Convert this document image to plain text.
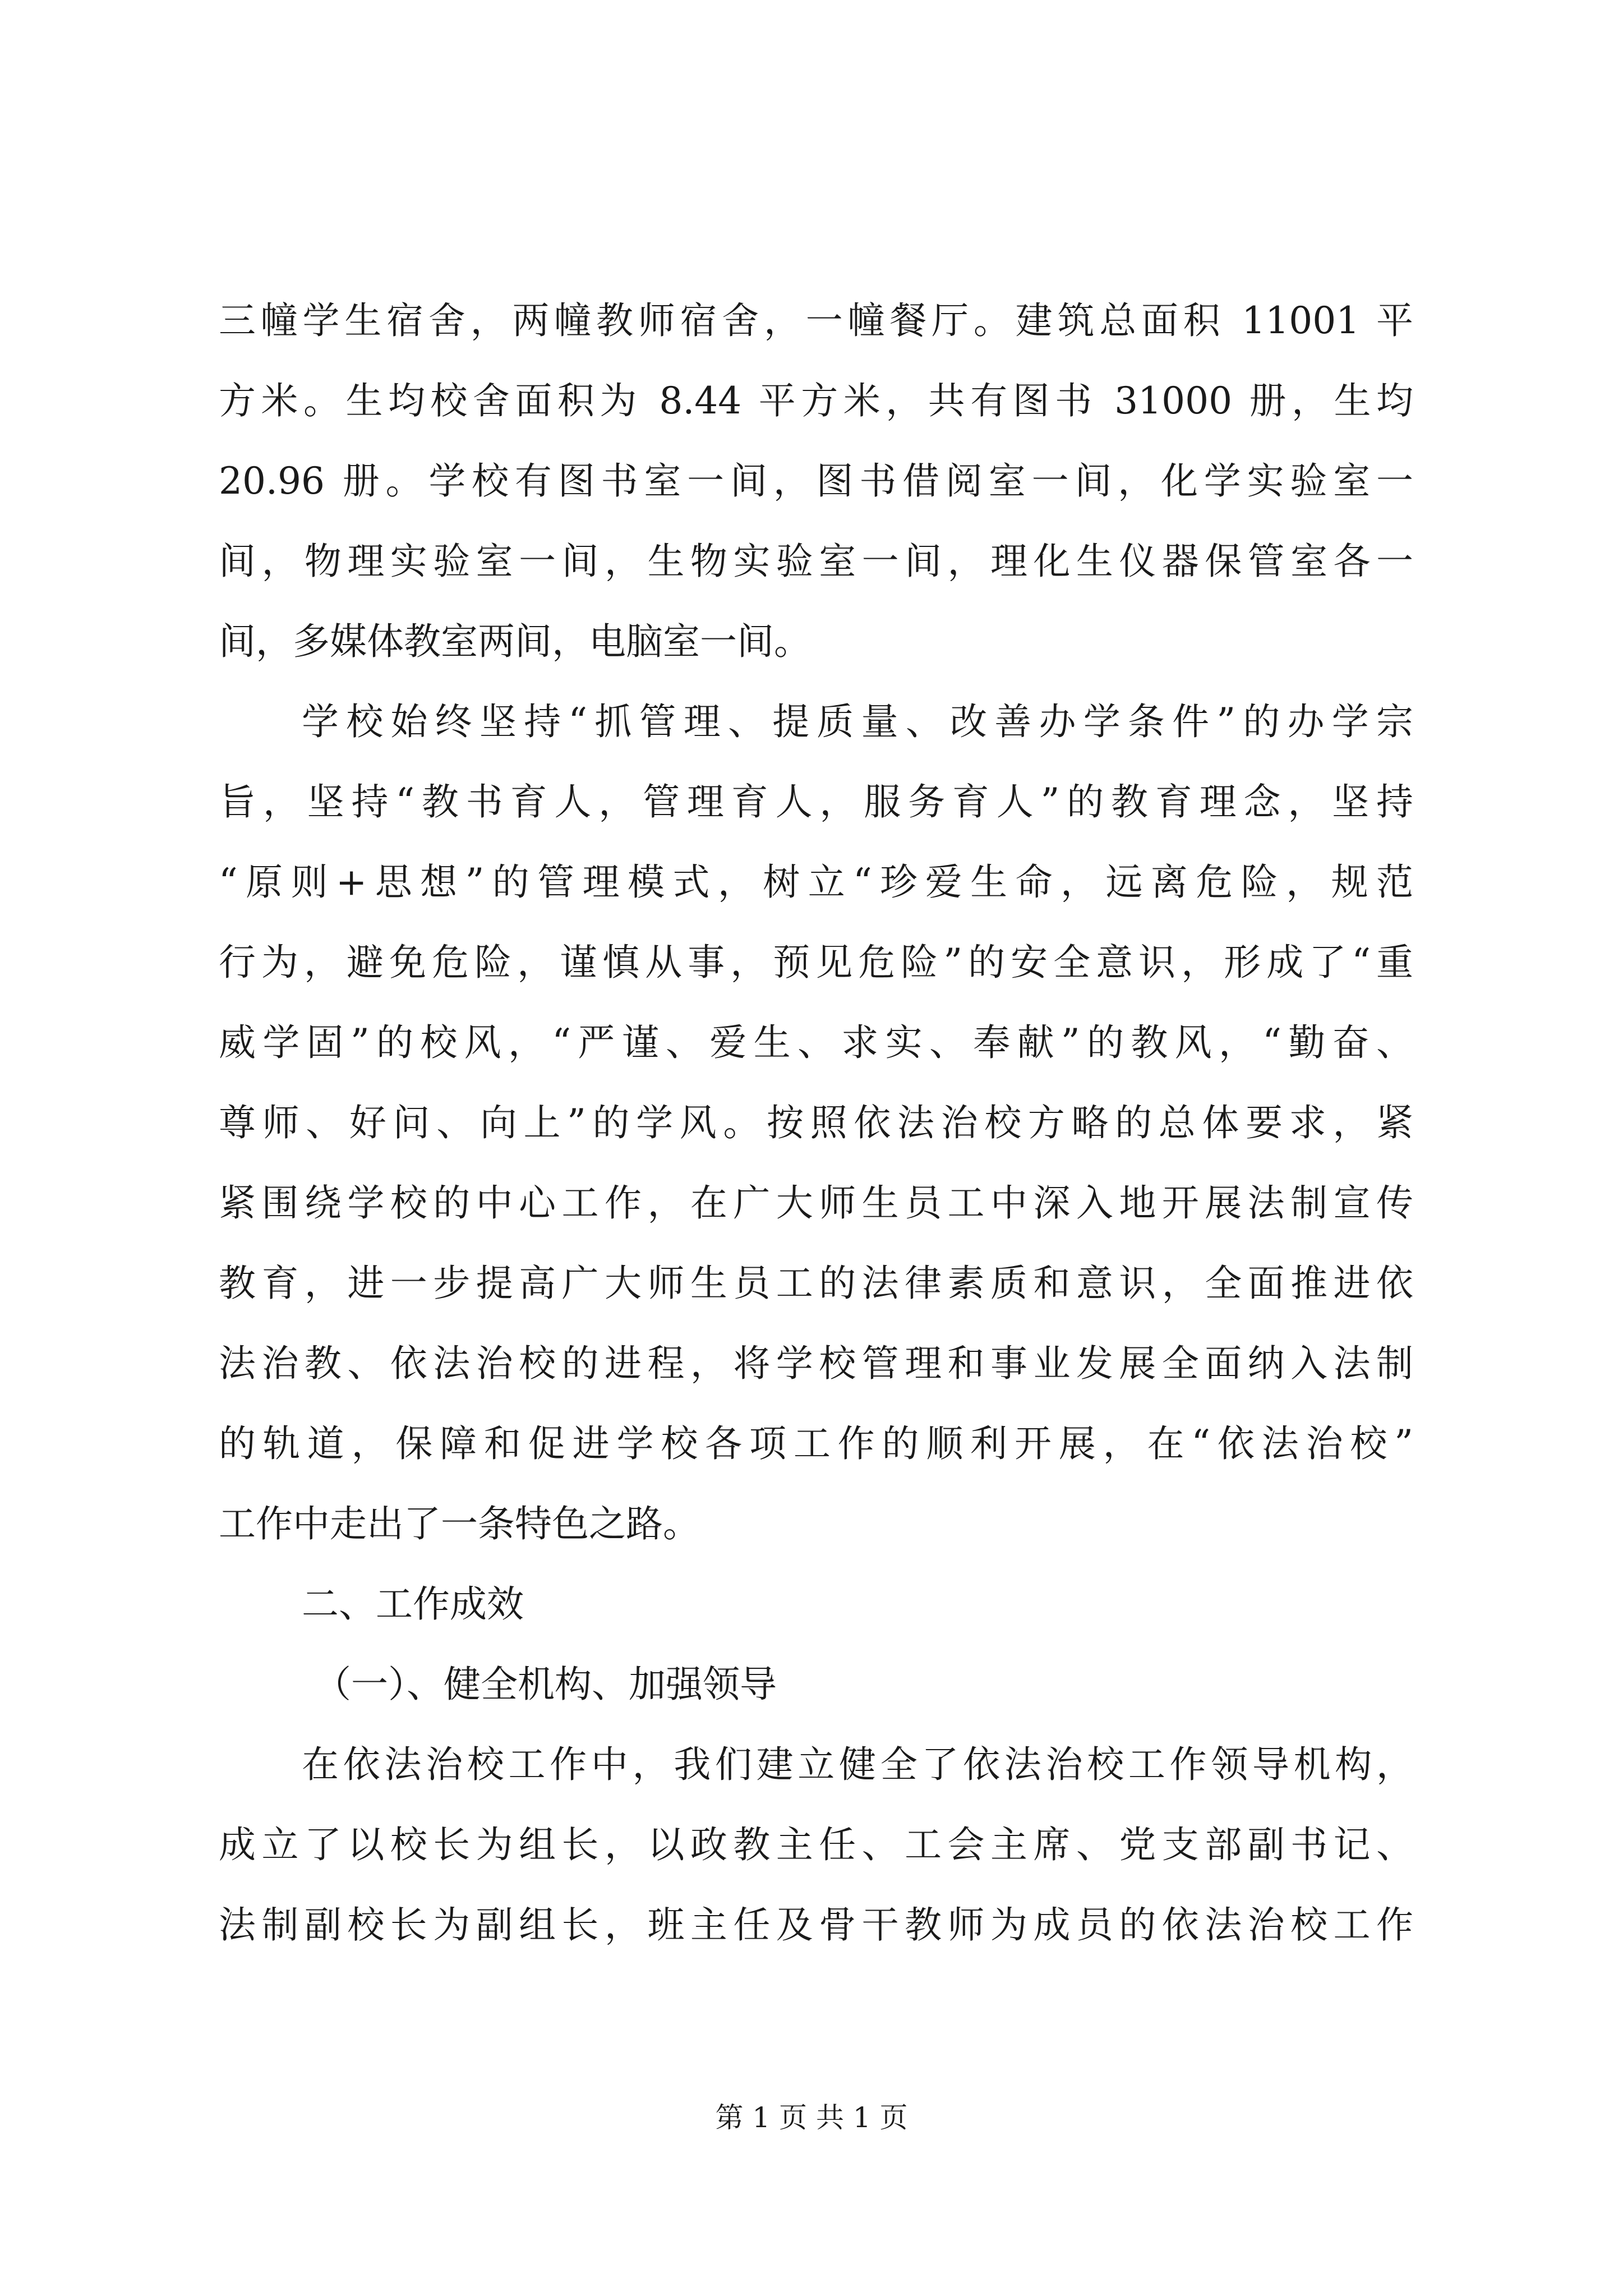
三幢学生宿舍，两幢教师宿舍，一幢餐厅。建筑总面积 11001 平
方米。生均校舍面积为 8.44 平方米，共有图书 31000 册，生均
20.96 册。学校有图书室一间，图书借阅室一间，化学实验室一
间，物理实验室一间，生物实验室一间，理化生仪器保管室各一
间，多媒体教室两间，电脑室一间。
学校始终坚持“抓管理、提质量、改善办学条件”的办学宗
旨，坚持“教书育人，管理育人，服务育人”的教育理念，坚持
“原则+思想”的管理模式，树立“珍爱生命，远离危险，规范
行为，避免危险，谨慎从事，预见危险”的安全意识，形成了“重
威学固”的校风，“严谨、爱生、求实、奉献”的教风，“勤奋、
尊师、好问、向上”的学风。按照依法治校方略的总体要求，紧
紧围绕学校的中心工作，在广大师生员工中深入地开展法制宣传
教育，进一步提高广大师生员工的法律素质和意识，全面推进依
法治教、依法治校的进程，将学校管理和事业发展全面纳入法制
的轨道，保障和促进学校各项工作的顺利开展，在“依法治校”
工作中走出了一条特色之路。
二、工作成效
（一）、健全机构、加强领导
在依法治校工作中，我们建立健全了依法治校工作领导机构，
成立了以校长为组长，以政教主任、工会主席、党支部副书记、
法制副校长为副组长，班主任及骨干教师为成员的依法治校工作
第 1 页 共 1 页
